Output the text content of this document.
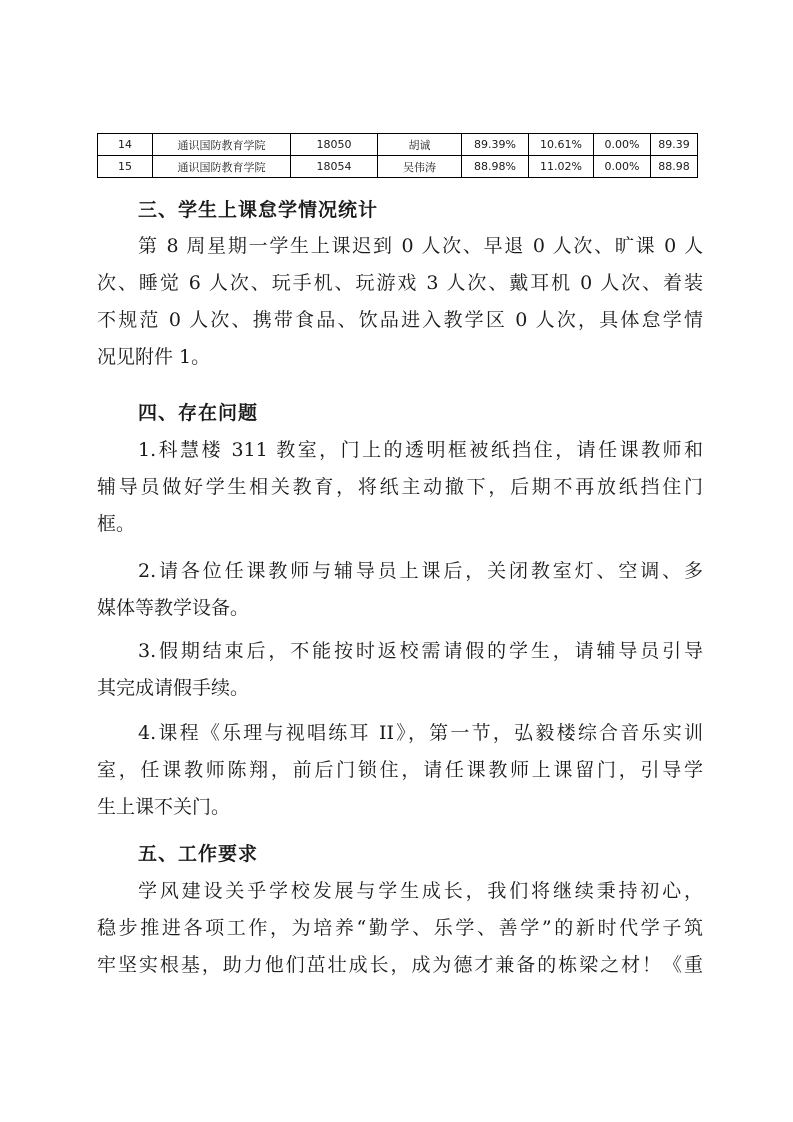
14	通识国防教育学院	18050	胡诚	89.39%	10.61%	0.00%	89.39
15	通识国防教育学院	18054	吴伟涛	88.98%	11.02%	0.00%	88.98
三、学生上课怠学情况统计
第 8 周星期一学生上课迟到 0 人次、早退 0 人次、旷课 0 人
次、睡觉 6 人次、玩手机、玩游戏 3 人次、戴耳机 0 人次、着装
不规范 0 人次、携带食品、饮品进入教学区 0 人次，具体怠学情
况见附件 1。
四、存在问题
1.科慧楼 311 教室，门上的透明框被纸挡住，请任课教师和
辅导员做好学生相关教育，将纸主动撤下，后期不再放纸挡住门
框。
2.请各位任课教师与辅导员上课后，关闭教室灯、空调、多
媒体等教学设备。
3.假期结束后，不能按时返校需请假的学生，请辅导员引导
其完成请假手续。
4.课程《乐理与视唱练耳 II》，第一节，弘毅楼综合音乐实训
室，任课教师陈翔，前后门锁住，请任课教师上课留门，引导学
生上课不关门。
五、工作要求
学风建设关乎学校发展与学生成长，我们将继续秉持初心，
稳步推进各项工作，为培养“勤学、乐学、善学”的新时代学子筑
牢坚实根基，助力他们茁壮成长，成为德才兼备的栋梁之材！《重
